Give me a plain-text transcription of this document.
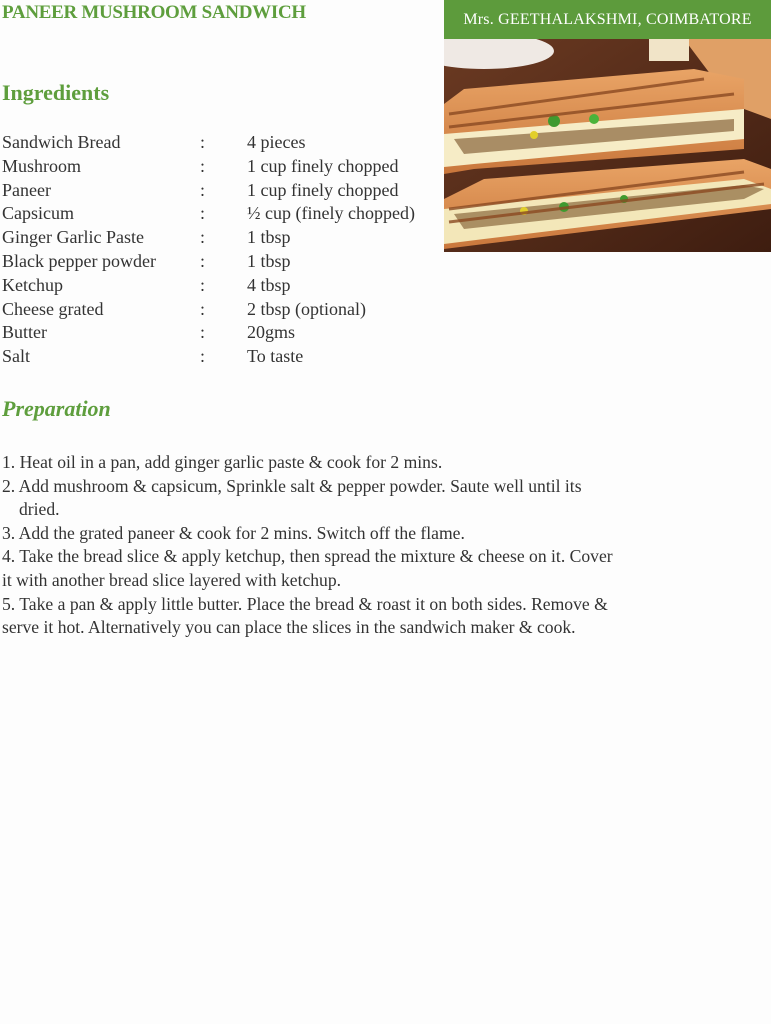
PANEER MUSHROOM SANDWICH	Mrs. GEETHALAKSHMI, COIMBATORE
Ingredients
Sandwich Bread	:	4 pieces
Mushroom	:	1 cup finely chopped
Paneer	:	1 cup finely chopped
Capsicum	:	½ cup (finely chopped)
Ginger Garlic Paste	:	1 tbsp
Black pepper powder	:	1 tbsp
Ketchup	:	4 tbsp
Cheese grated	:	2 tbsp (optional)
Butter	:	20gms
Salt	:	To taste
Preparation

1. Heat oil in a pan, add ginger garlic paste & cook for 2 mins.

2. Add mushroom & capsicum, Sprinkle salt & pepper powder. Saute well until its

dried.

3. Add the grated paneer & cook for 2 mins. Switch off the flame.

4. Take the bread slice & apply ketchup, then spread the mixture & cheese on it. Cover

it with another bread slice layered with ketchup.

5. Take a pan & apply little butter. Place the bread & roast it on both sides. Remove &

serve it hot. Alternatively you can place the slices in the sandwich maker & cook.
